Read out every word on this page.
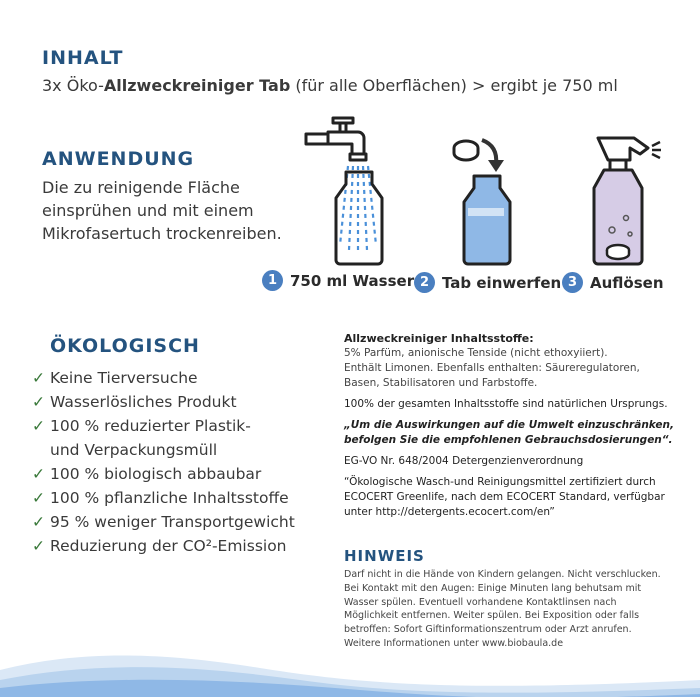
INHALT
3x Öko-Allzweckreiniger Tab (für alle Oberflächen) > ergibt je 750 ml
ANWENDUNG
Die zu reinigende Fläche einsprühen und mit einem Mikrofasertuch trockenreiben.
1 750 ml Wasser 2 Tab einwerfen 3 Auflösen
ÖKOLOGISCH
✓ Keine Tierversuche
✓ Wasserlösliches Produkt
✓ 100 % reduzierter Plastik- und Verpackungsmüll
✓ 100 % biologisch abbaubar
✓ 100 % pflanzliche Inhaltsstoffe
✓ 95 % weniger Transportgewicht
✓ Reduzierung der CO²-Emission

Allzweckreiniger Inhaltsstoffe:

5% Parfüm, anionische Tenside (nicht ethoxyiiert).

Enthält Limonen. Ebenfalls enthalten: Säureregulatoren, Basen, Stabilisatoren und Farbstoffe.

100% der gesamten Inhaltsstoffe sind natürlichen Ursprungs.

„Um die Auswirkungen auf die Umwelt einzuschränken, befolgen Sie die empfohlenen Gebrauchsdosierungen“.

EG-VO Nr. 648/2004 Detergenzienverordnung

“Ökologische Wasch-und Reinigungsmittel zertifiziert durch ECOCERT Greenlife, nach dem ECOCERT Standard, verfügbar unter http://detergents.ecocert.com/en”

HINWEIS
Darf nicht in die Hände von Kindern gelangen. Nicht verschlucken. Bei Kontakt mit den Augen: Einige Minuten lang behutsam mit Wasser spülen. Eventuell vorhandene Kontaktlinsen nach Möglichkeit entfernen. Weiter spülen. Bei Exposition oder falls betroffen: Sofort Giftinformationszentrum oder Arzt anrufen. Weitere Informationen unter www.biobaula.de
